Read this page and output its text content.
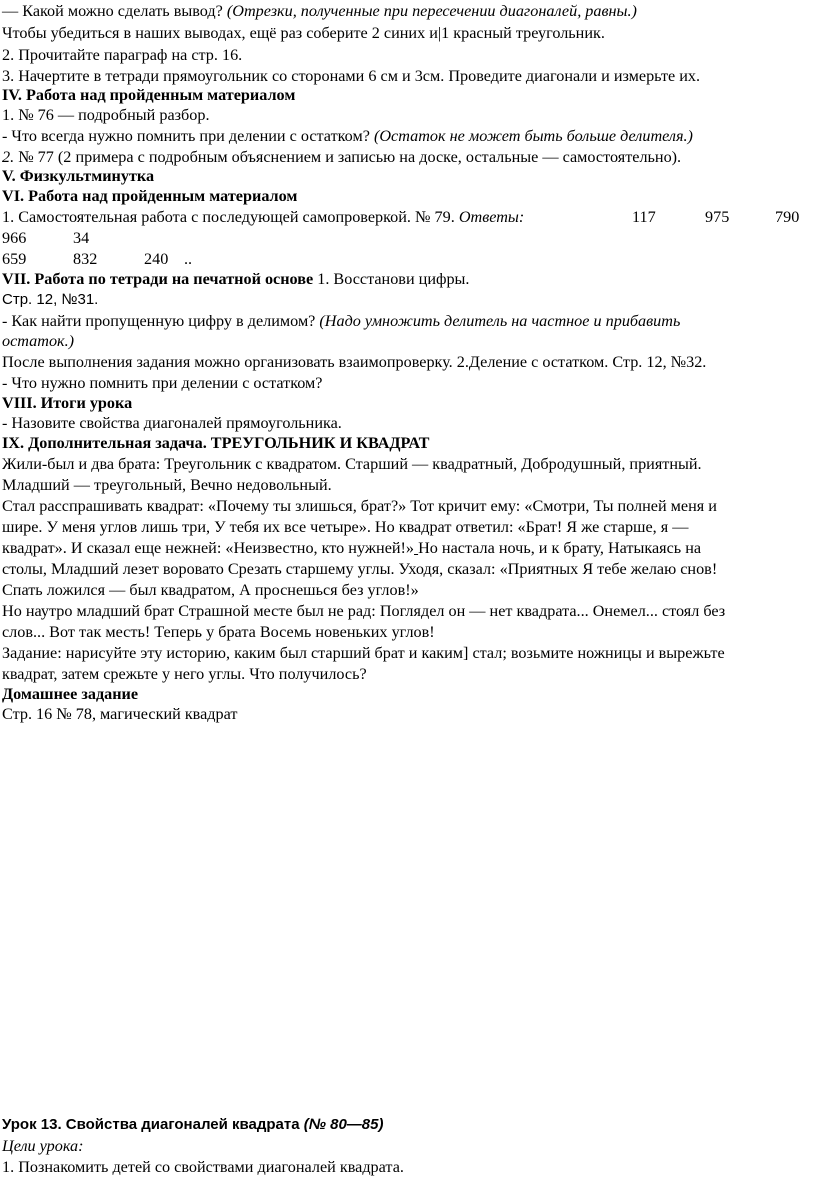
— Какой можно сделать вывод? (Отрезки, полученные при пересечении диагоналей, равны.)
Чтобы убедиться в наших выводах, ещё раз соберите 2 синих и|1 красный треугольник.
2. Прочитайте параграф на стр. 16.
3. Начертите в тетради прямоугольник со сторонами 6 см и 3см. Проведите диагонали и измерьте их.
IV. Работа над пройденным материалом
1. № 76 — подробный разбор.
- Что всегда нужно помнить при делении с остатком? (Остаток не может быть больше делителя.)
2. № 77 (2 примера с подробным объяснением и записью на доске, остальные — самостоятельно).
V. Физкультминутка
VI. Работа над пройденным материалом
1. Самостоятельная работа с последующей самопроверкой. № 79. Ответы:	117	975	790
966	34
659	832	240 ..
VII. Работа по тетради на печатной основе 1. Восстанови цифры.
Стр. 12, №31.
- Как найти пропущенную цифру в делимом? (Надо умножить делитель на частное и прибавить
остаток.)
После выполнения задания можно организовать взаимопроверку. 2.Деление с остатком. Стр. 12, №32.
- Что нужно помнить при делении с остатком?
VIII. Итоги урока
- Назовите свойства диагоналей прямоугольника.
IX. Дополнительная задача. ТРЕУГОЛЬНИК И КВАДРАТ
Жили-был и два брата: Треугольник с квадратом. Старший — квадратный, Добродушный, приятный.
Младший — треугольный, Вечно недовольный.
Стал расспрашивать квадрат: «Почему ты злишься, брат?» Тот кричит ему: «Смотри, Ты полней меня и
шире. У меня углов лишь три, У тебя их все четыре». Но квадрат ответил: «Брат! Я же старше, я —
квадрат». И сказал еще нежней: «Неизвестно, кто нужней!» Но настала ночь, и к брату, Натыкаясь на
столы, Младший лезет воровато Срезать старшему углы. Уходя, сказал: «Приятных Я тебе желаю снов!
Спать ложился — был квадратом, А проснешься без углов!»
Но наутро младший брат Страшной месте был не рад: Поглядел он — нет квадрата... Онемел... стоял без
слов... Вот так месть! Теперь у брата Восемь новеньких углов!
Задание: нарисуйте эту историю, каким был старший брат и каким] стал; возьмите ножницы и вырежьте
квадрат, затем срежьте у него углы. Что получилось?
Домашнее задание
Стр. 16 № 78, магический квадрат
Урок 13. Свойства диагоналей квадрата (№ 80—85)
Цели урока:
1. Познакомить детей со свойствами диагоналей квадрата.
